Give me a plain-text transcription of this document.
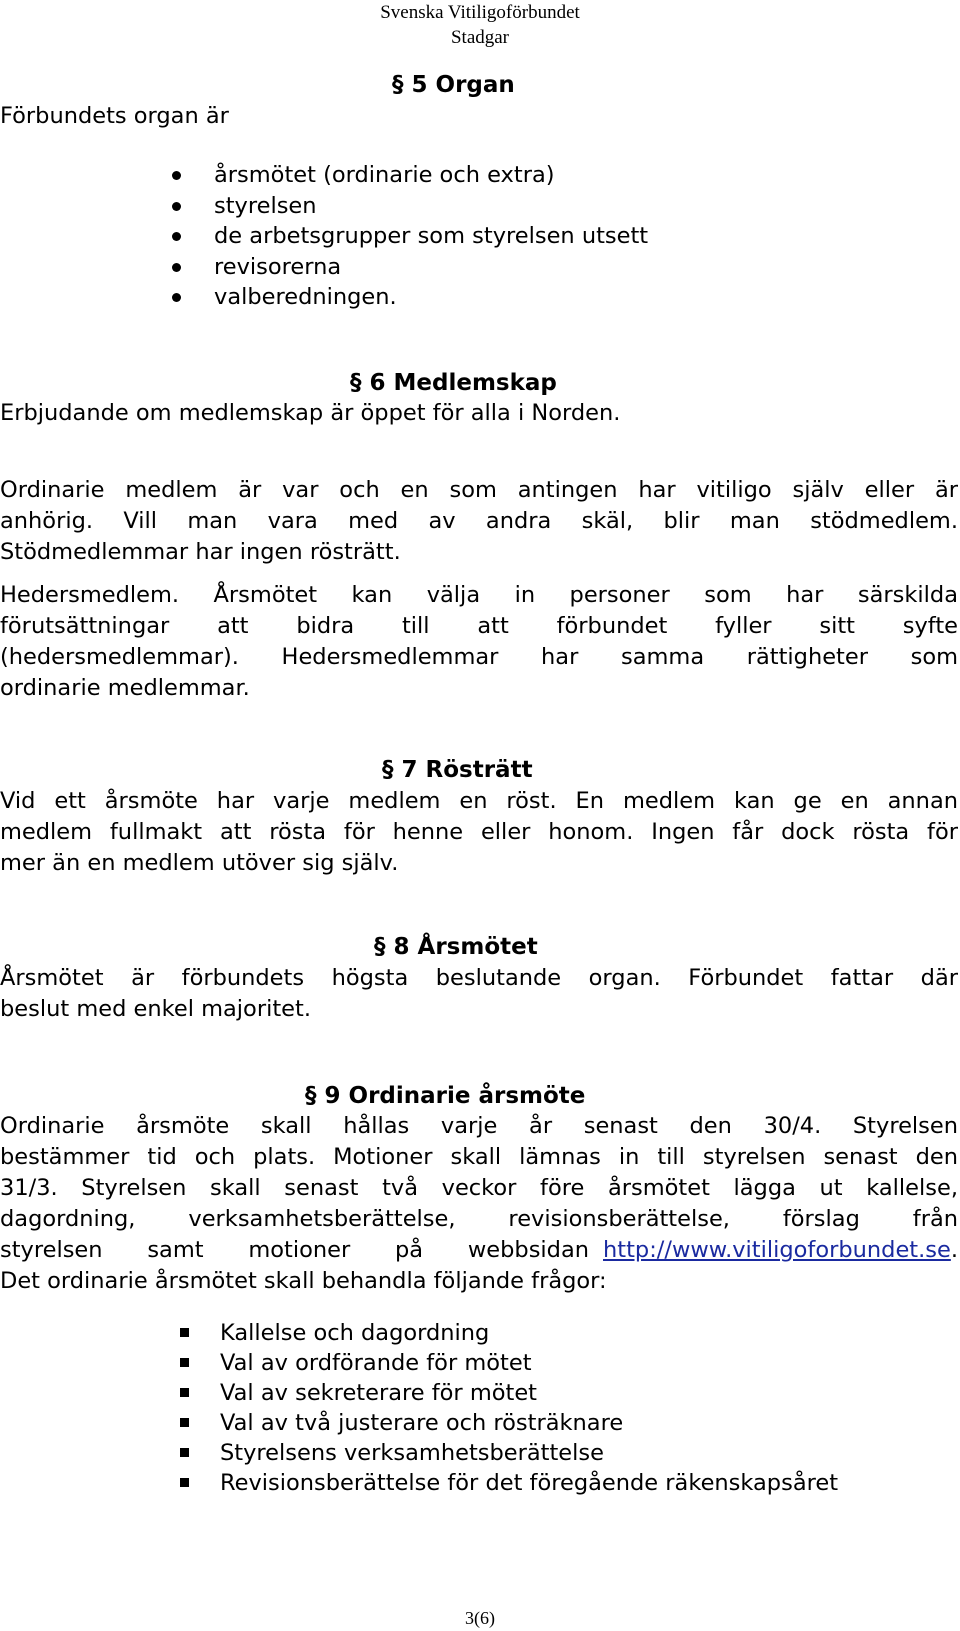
Svenska Vitiligoförbundet
Stadgar
§ 5 Organ
Förbundets organ är
årsmötet (ordinarie och extra)
styrelsen
de arbetsgrupper som styrelsen utsett
revisorerna
valberedningen.
§ 6 Medlemskap
Erbjudande om medlemskap är öppet för alla i Norden.
Ordinarie medlem är var och en som antingen har vitiligo själv eller är
anhörig. Vill man vara med av andra skäl, blir man stödmedlem.
Stödmedlemmar har ingen rösträtt.
Hedersmedlem. Årsmötet kan välja in personer som har särskilda
förutsättningar att bidra till att förbundet fyller sitt syfte
(hedersmedlemmar). Hedersmedlemmar har samma rättigheter som
ordinarie medlemmar.
§ 7 Rösträtt
Vid ett årsmöte har varje medlem en röst. En medlem kan ge en annan
medlem fullmakt att rösta för henne eller honom. Ingen får dock rösta för
mer än en medlem utöver sig själv.
§ 8 Årsmötet
Årsmötet är förbundets högsta beslutande organ. Förbundet fattar där
beslut med enkel majoritet.
§ 9 Ordinarie årsmöte
Ordinarie årsmöte skall hållas varje år senast den 30/4. Styrelsen
bestämmer tid och plats. Motioner skall lämnas in till styrelsen senast den
31/3. Styrelsen skall senast två veckor före årsmötet lägga ut kallelse,
dagordning, verksamhetsberättelse, revisionsberättelse, förslag från
styrelsen samt motioner på webbsidan http://www.vitiligoforbundet.se.
Det ordinarie årsmötet skall behandla följande frågor:
Kallelse och dagordning
Val av ordförande för mötet
Val av sekreterare för mötet
Val av två justerare och rösträknare
Styrelsens verksamhetsberättelse
Revisionsberättelse för det föregående räkenskapsåret
3(6)
